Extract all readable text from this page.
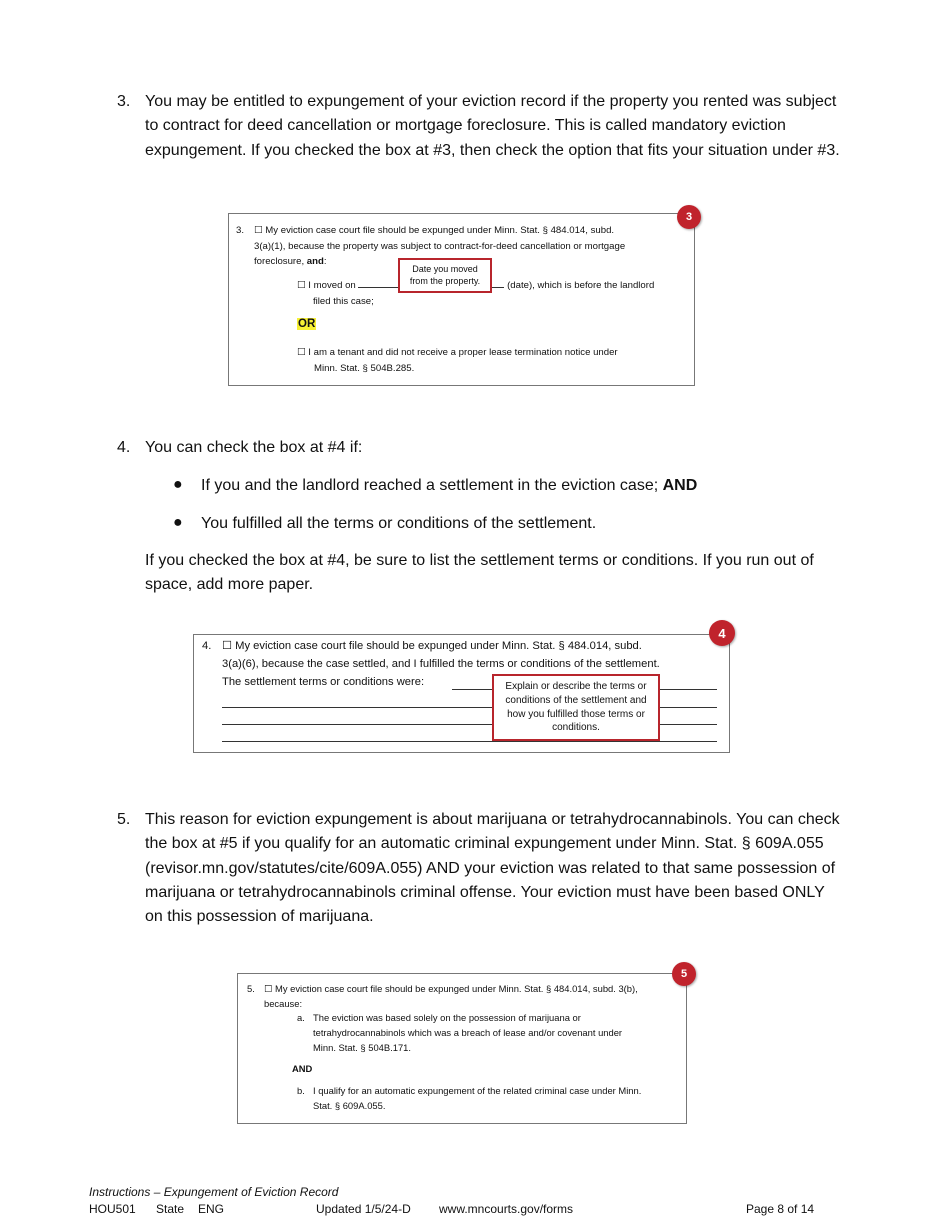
3. You may be entitled to expungement of your eviction record if the property you rented was subject to contract for deed cancellation or mortgage foreclosure. This is called mandatory eviction expungement. If you checked the box at #3, then check the option that fits your situation under #3.
3. ☐ My eviction case court file should be expunged under Minn. Stat. § 484.014, subd.
3(a)(1), because the property was subject to contract-for-deed cancellation or mortgage
foreclosure, and:
☐ I moved on	(date), which is before the landlord
filed this case;
OR
☐ I am a tenant and did not receive a proper lease termination notice under
Minn. Stat. § 504B.285.
Date you moved from the property.
3
4. You can check the box at #4 if:
● If you and the landlord reached a settlement in the eviction case; AND
● You fulfilled all the terms or conditions of the settlement.
If you checked the box at #4, be sure to list the settlement terms or conditions. If you run out of space, add more paper.
4. ☐ My eviction case court file should be expunged under Minn. Stat. § 484.014, subd.
3(a)(6), because the case settled, and I fulfilled the terms or conditions of the settlement.
The settlement terms or conditions were:	Explain or describe the terms or conditions of the settlement and how you fulfilled those terms or conditions.
4
5. This reason for eviction expungement is about marijuana or tetrahydrocannabinols. You can check the box at #5 if you qualify for an automatic criminal expungement under Minn. Stat. § 609A.055 (revisor.mn.gov/statutes/cite/609A.055) AND your eviction was related to that same possession of marijuana or tetrahydrocannabinols criminal offense. Your eviction must have been based ONLY on this possession of marijuana.
5. ☐ My eviction case court file should be expunged under Minn. Stat. § 484.014, subd. 3(b),
because:
a. The eviction was based solely on the possession of marijuana or
tetrahydrocannabinols which was a breach of lease and/or covenant under
Minn. Stat. § 504B.171.
AND
b. I qualify for an automatic expungement of the related criminal case under Minn.
Stat. § 609A.055.
5
Instructions – Expungement of Eviction Record
HOU501 State ENG	Updated 1/5/24-D www.mncourts.gov/forms	Page 8 of 14
